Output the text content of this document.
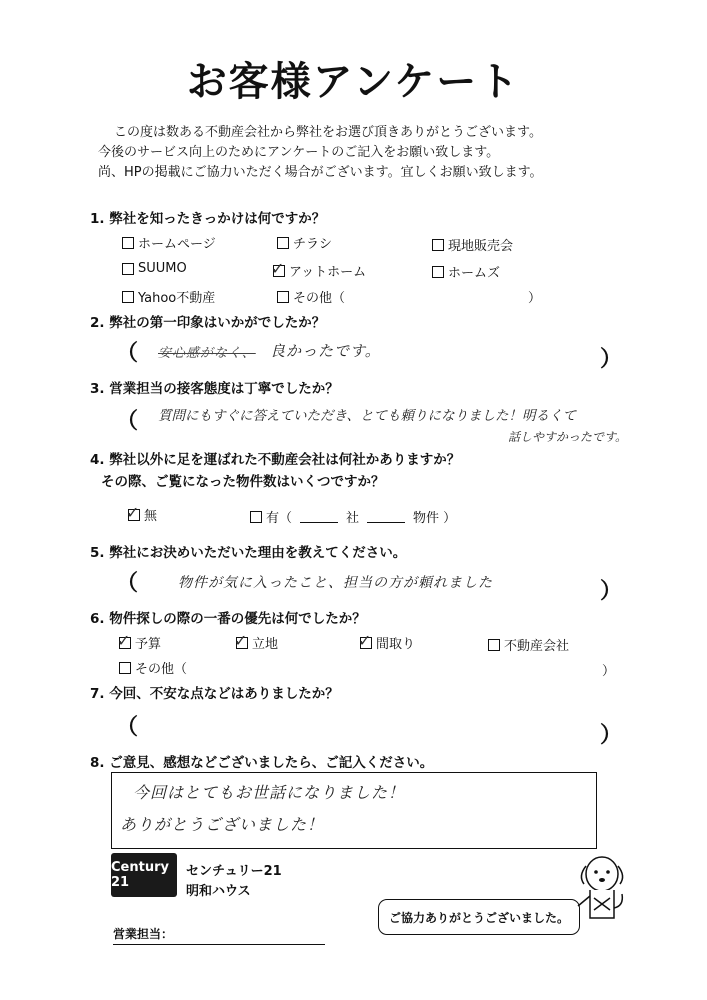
お客様アンケート
この度は数ある不動産会社から弊社をお選び頂きありがとうございます。
今後のサービス向上のためにアンケートのご記入をお願い致します。
尚、HPの掲載にご協力いただく場合がございます。宜しくお願い致します。
1. 弊社を知ったきっかけは何ですか？
ホームページ	チラシ	現地販売会
SUUMO	✓ アットホーム	ホームズ
Yahoo不動産	その他（	）
2. 弊社の第一印象はいかがでしたか？
（ 安心感がなく、 良かったです。	）
3. 営業担当の接客態度は丁寧でしたか？
（ 質問にもすぐに答えていただき、とても頼りになりました！明るくて
話しやすかったです。
4. 弊社以外に足を運ばれた不動産会社は何社かありますか？
その際、ご覧になった物件数はいくつですか？
✓ 無	有（	社	物件 ）
5. 弊社にお決めいただいた理由を教えてください。
（	物件が気に入ったこと、担当の方が頼れました	）
6. 物件探しの際の一番の優先は何でしたか？
✓ 予算	✓ 立地	✓ 間取り	不動産会社
その他（	）
7. 今回、不安な点などはありましたか？
（	）
8. ご意見、感想などございましたら、ご記入ください。
今回はとてもお世話になりました！
ありがとうございました！
Century 21
センチュリー21
明和ハウス
営業担当：
ご協力ありがとうございました。
